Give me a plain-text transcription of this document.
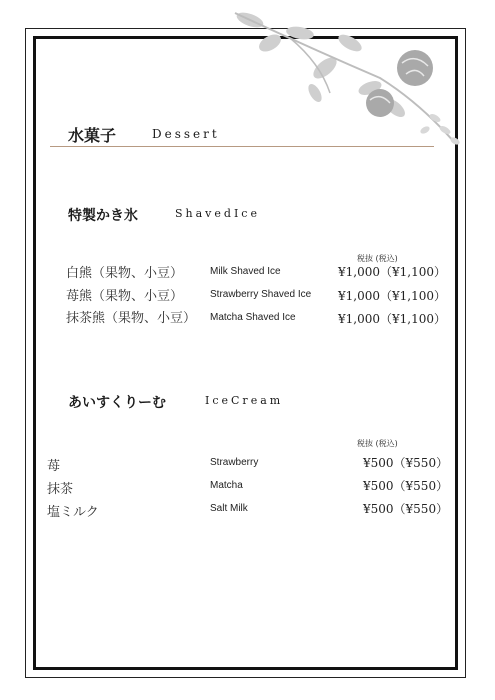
水菓子	Dessert
特製かき氷	ShavedIce
税抜 (税込)
白熊（果物、小豆）	Milk Shaved Ice	¥1,000（¥1,100）
苺熊（果物、小豆）	Strawberry Shaved Ice ¥1,000（¥1,100）
抹茶熊（果物、小豆） Matcha Shaved Ice	¥1,000（¥1,100）
あいすくりーむ	IceCream
税抜 (税込)
苺	Strawberry	¥500（¥550）
抹茶	Matcha	¥500（¥550）
塩ミルク	Salt Milk	¥500（¥550）
